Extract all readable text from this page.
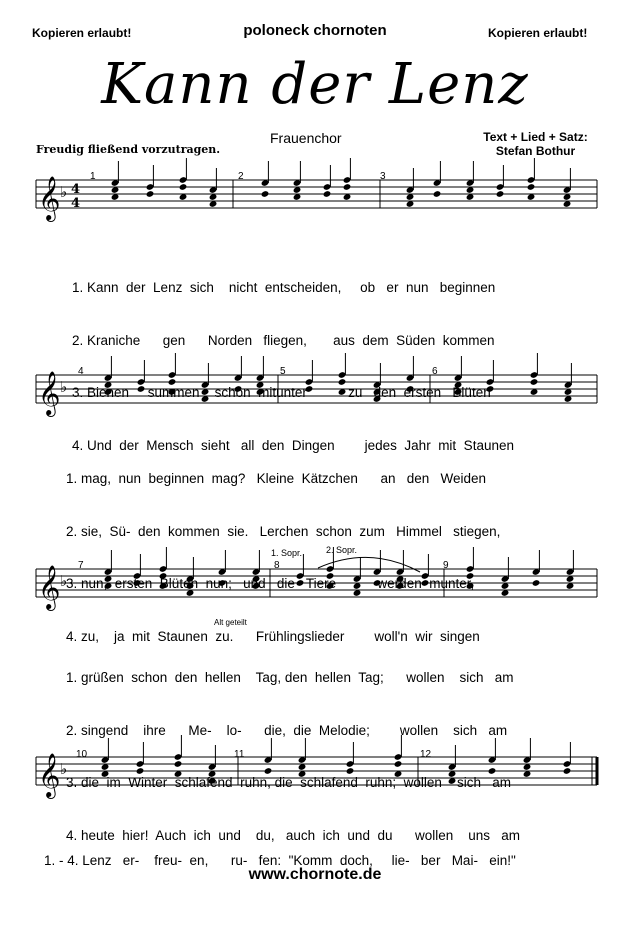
Kopieren erlaubt!	poloneck chornoten	Kopieren erlaubt!
Kann der Lenz
Frauenchor
Freudig fließend vorzutragen.
Text + Lied + Satz:
Stefan Bothur
𝄞 ♭ 4
4
𝄞 ♭
𝄞 ♭
𝄞 ♭
1	2	3
4	5	6
7	8	9
10	11	12
1. Sopr.	2. Sopr.
Alt geteilt

1. Kann  der  Lenz  sich    nicht  entscheiden,     ob   er  nun   beginnen

2. Kraniche      gen      Norden   fliegen,       aus  dem  Süden  kommen

3. Bienen     summen    schon  mitunter           zu   den  ersten   Blüten

4. Und  der  Mensch  sieht   all  den  Dingen        jedes  Jahr  mit  Staunen

1. mag,  nun  beginnen  mag?   Kleine  Kätzchen      an   den   Weiden

2. sie,  Sü-  den  kommen  sie.   Lerchen  schon  zum   Himmel   stiegen,

3. nun,  ersten  Blüten  nun;   und   die   Tiere           werden  munter,

4. zu,    ja  mit  Staunen  zu.      Frühlingslieder        woll'n  wir  singen

1. grüßen  schon  den  hellen    Tag, den  hellen  Tag;      wollen    sich   am

2. singend    ihre      Me-    lo-      die,  die  Melodie;        wollen    sich   am

3. die  im  Winter  schlafend  ruhn, die  schlafend  ruhn;  wollen    sich   am

4. heute  hier!  Auch  ich  und    du,   auch  ich  und  du      wollen    uns   am

1. - 4. Lenz   er-    freu-  en,      ru-   fen:  "Komm  doch,     lie-   ber   Mai-   ein!"

www.chornote.de
